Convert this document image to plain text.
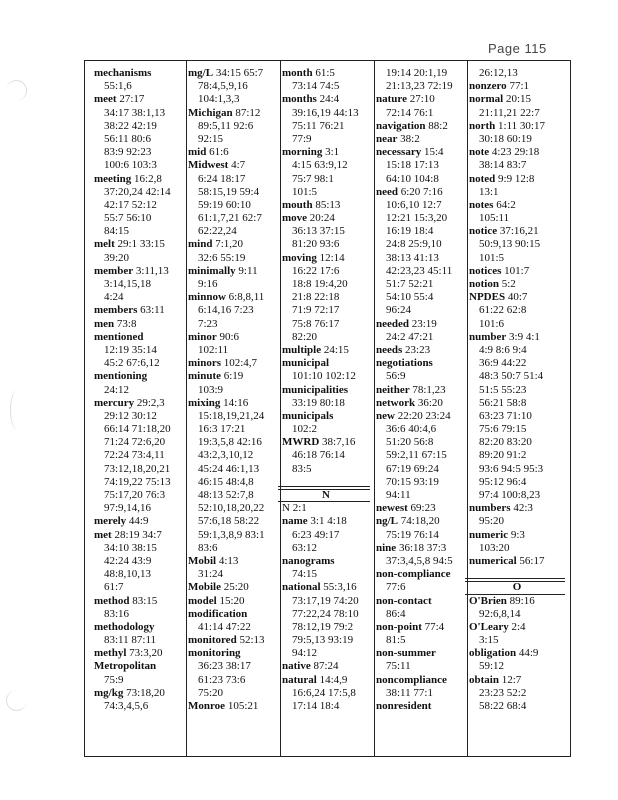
Page 115
mechanisms
55:1,6
meet 27:17
34:17 38:1,13
38:22 42:19
56:11 80:6
83:9 92:23
100:6 103:3
meeting 16:2,8
37:20,24 42:14
42:17 52:12
55:7 56:10
84:15
melt 29:1 33:15
39:20
member 3:11,13
3:14,15,18
4:24
members 63:11
men 73:8
mentioned
12:19 35:14
45:2 67:6,12
mentioning
24:12
mercury 29:2,3
29:12 30:12
66:14 71:18,20
71:24 72:6,20
72:24 73:4,11
73:12,18,20,21
74:19,22 75:13
75:17,20 76:3
97:9,14,16
merely 44:9
met 28:19 34:7
34:10 38:15
42:24 43:9
48:8,10,13
61:7
method 83:15
83:16
methodology
83:11 87:11
methyl 73:3,20
Metropolitan
75:9
mg/kg 73:18,20
74:3,4,5,6
mg/L 34:15 65:7
78:4,5,9,16
104:1,3,3
Michigan 87:12
89:5,11 92:6
92:15
mid 61:6
Midwest 4:7
6:24 18:17
58:15,19 59:4
59:19 60:10
61:1,7,21 62:7
62:22,24
mind 7:1,20
32:6 55:19
minimally 9:11
9:16
minnow 6:8,8,11
6:14,16 7:23
7:23
minor 90:6
102:11
minors 102:4,7
minute 6:19
103:9
mixing 14:16
15:18,19,21,24
16:3 17:21
19:3,5,8 42:16
43:2,3,10,12
45:24 46:1,13
46:15 48:4,8
48:13 52:7,8
52:10,18,20,22
57:6,18 58:22
59:1,3,8,9 83:1
83:6
Mobil 4:13
31:24
Mobile 25:20
model 15:20
modification
41:14 47:22
monitored 52:13
monitoring
36:23 38:17
61:23 73:6
75:20
Monroe 105:21
month 61:5
73:14 74:5
months 24:4
39:16,19 44:13
75:11 76:21
77:9
morning 3:1
4:15 63:9,12
75:7 98:1
101:5
mouth 85:13
move 20:24
36:13 37:15
81:20 93:6
moving 12:14
16:22 17:6
18:8 19:4,20
21:8 22:18
71:9 72:17
75:8 76:17
82:20
multiple 24:15
municipal
101:10 102:12
municipalities
33:19 80:18
municipals
102:2
MWRD 38:7,16
46:18 76:14
83:5
N
N 2:1
name 3:1 4:18
6:23 49:17
63:12
nanograms
74:15
national 55:3,16
73:17,19 74:20
77:22,24 78:10
78:12,19 79:2
79:5,13 93:19
94:12
native 87:24
natural 14:4,9
16:6,24 17:5,8
17:14 18:4
19:14 20:1,19
21:13,23 72:19
nature 27:10
72:14 76:1
navigation 88:2
near 38:2
necessary 15:4
15:18 17:13
64:10 104:8
need 6:20 7:16
10:6,10 12:7
12:21 15:3,20
16:19 18:4
24:8 25:9,10
38:13 41:13
42:23,23 45:11
51:7 52:21
54:10 55:4
96:24
needed 23:19
24:2 47:21
needs 23:23
negotiations
56:9
neither 78:1,23
network 36:20
new 22:20 23:24
36:6 40:4,6
51:20 56:8
59:2,11 67:15
67:19 69:24
70:15 93:19
94:11
newest 69:23
ng/L 74:18,20
75:19 76:14
nine 36:18 37:3
37:3,4,5,8 94:5
non-compliance
77:6
non-contact
86:4
non-point 77:4
81:5
non-summer
75:11
noncompliance
38:11 77:1
nonresident
26:12,13
nonzero 77:1
normal 20:15
21:11,21 22:7
north 1:11 30:17
30:18 60:19
note 4:23 29:18
38:14 83:7
noted 9:9 12:8
13:1
notes 64:2
105:11
notice 37:16,21
50:9,13 90:15
101:5
notices 101:7
notion 5:2
NPDES 40:7
61:22 62:8
101:6
number 3:9 4:1
4:9 8:6 9:4
36:9 44:22
48:3 50:7 51:4
51:5 55:23
56:21 58:8
63:23 71:10
75:6 79:15
82:20 83:20
89:20 91:2
93:6 94:5 95:3
95:12 96:4
97:4 100:8,23
numbers 42:3
95:20
numeric 9:3
103:20
numerical 56:17
O
O'Brien 89:16
92:6,8,14
O'Leary 2:4
3:15
obligation 44:9
59:12
obtain 12:7
23:23 52:2
58:22 68:4
